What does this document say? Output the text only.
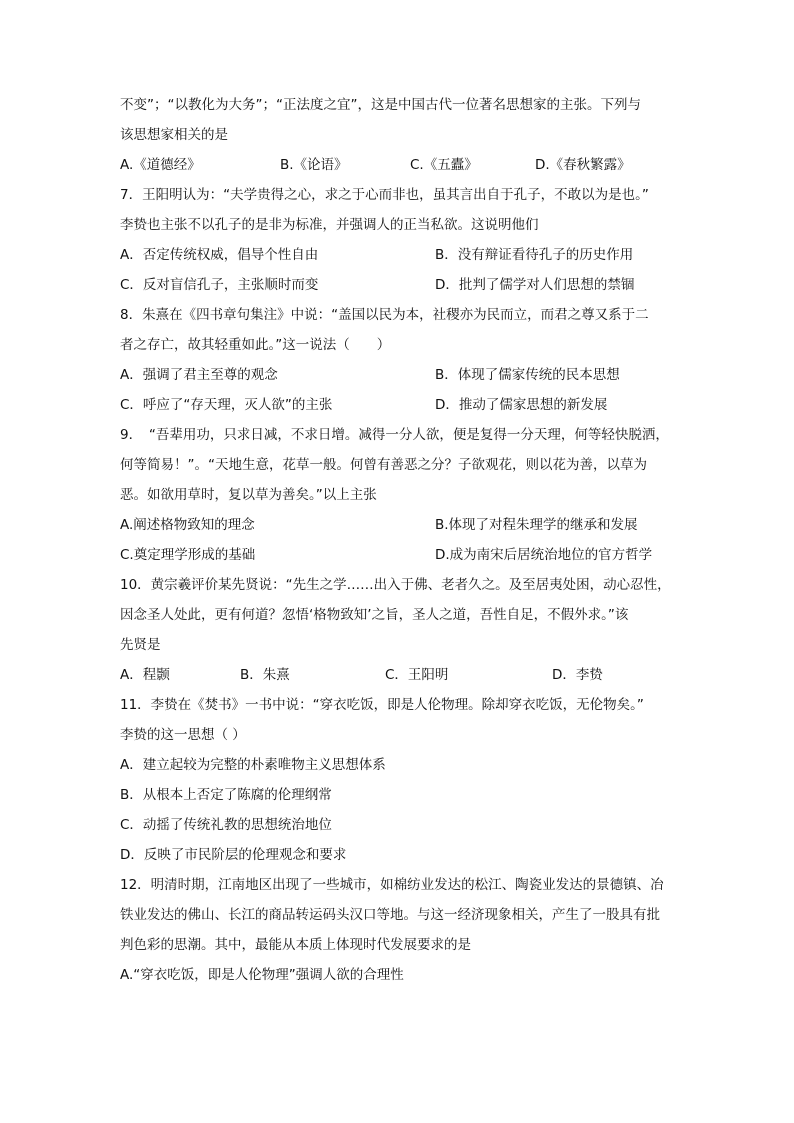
不变”；“以教化为大务”；“正法度之宜”，这是中国古代一位著名思想家的主张。下列与

该思想家相关的是

A.《道德经》	B.《论语》	C.《五蠹》	D.《春秋繁露》

7．王阳明认为：“夫学贵得之心，求之于心而非也，虽其言出自于孔子，不敢以为是也。”

李贽也主张不以孔子的是非为标准，并强调人的正当私欲。这说明他们

A．否定传统权威，倡导个性自由	B．没有辩证看待孔子的历史作用
C．反对盲信孔子，主张顺时而变	D．批判了儒学对人们思想的禁锢

8．朱熹在《四书章句集注》中说：“盖国以民为本，社稷亦为民而立，而君之尊又系于二

者之存亡，故其轻重如此。”这一说法（　　）

A．强调了君主至尊的观念	B．体现了儒家传统的民本思想
C．呼应了“存天理，灭人欲”的主张	D．推动了儒家思想的新发展

9．　“吾辈用功，只求日减，不求日增。减得一分人欲，便是复得一分天理，何等轻快脱洒，

何等简易！”。“天地生意，花草一般。何曾有善恶之分？子欲观花，则以花为善，以草为

恶。如欲用草时，复以草为善矣。”以上主张

A.阐述格物致知的理念	B.体现了对程朱理学的继承和发展
C.奠定理学形成的基础	D.成为南宋后居统治地位的官方哲学

10．黄宗羲评价某先贤说：“先生之学……出入于佛、老者久之。及至居夷处困，动心忍性，

因念圣人处此，更有何道？忽悟‘格物致知’之旨，圣人之道，吾性自足，不假外求。”该

先贤是

A．程颢	B．朱熹	C．王阳明	D．李贽

11．李贽在《焚书》一书中说：“穿衣吃饭，即是人伦物理。除却穿衣吃饭，无伦物矣。”

李贽的这一思想（ ）

A．建立起较为完整的朴素唯物主义思想体系

B．从根本上否定了陈腐的伦理纲常

C．动摇了传统礼教的思想统治地位

D．反映了市民阶层的伦理观念和要求

12．明清时期，江南地区出现了一些城市，如棉纺业发达的松江、陶瓷业发达的景德镇、冶

铁业发达的佛山、长江的商品转运码头汉口等地。与这一经济现象相关，产生了一股具有批

判色彩的思潮。其中，最能从本质上体现时代发展要求的是

A.“穿衣吃饭，即是人伦物理”强调人欲的合理性
